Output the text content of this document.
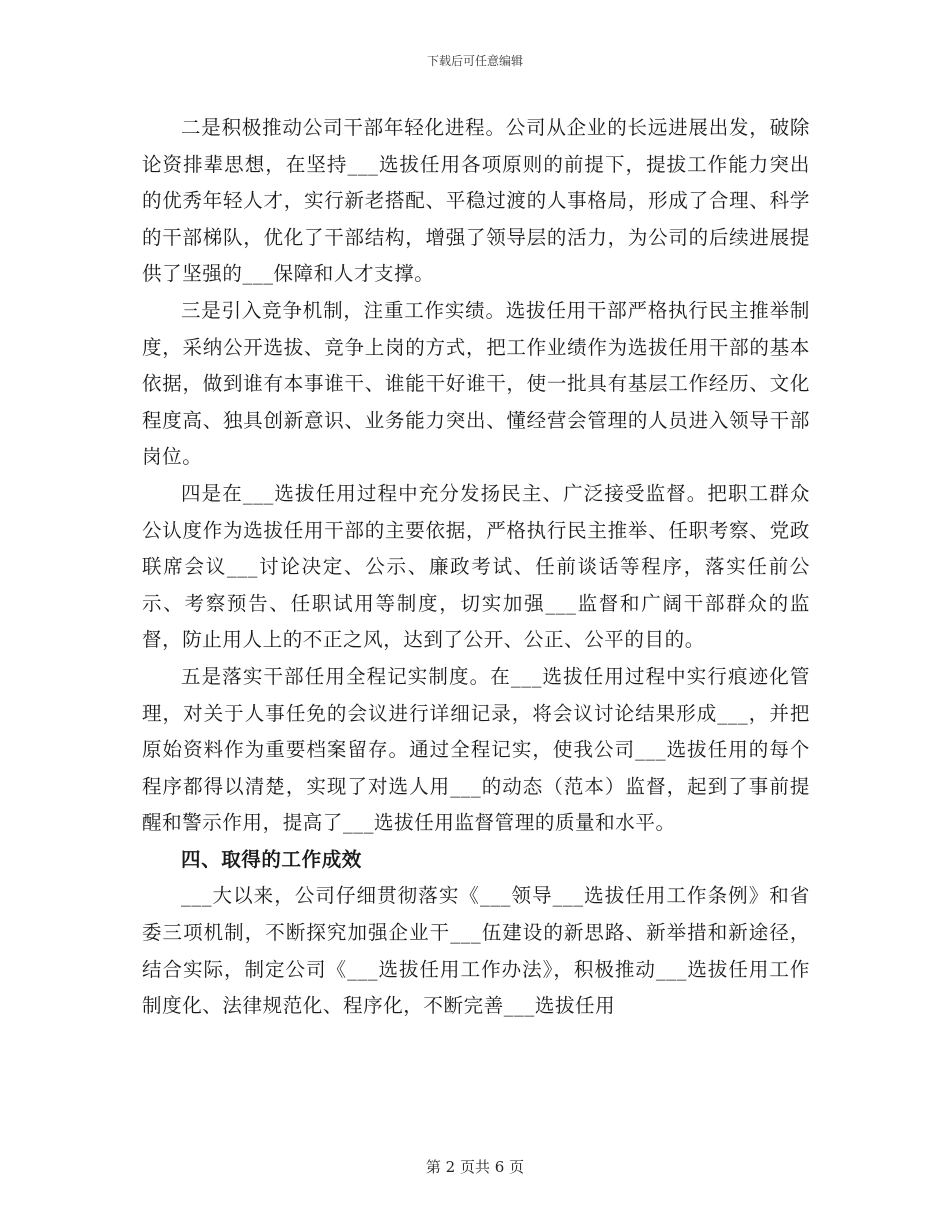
下载后可任意编辑

二是积极推动公司干部年轻化进程。公司从企业的长远进展出发，破除论资排辈思想，在坚持___选拔任用各项原则的前提下，提拔工作能力突出的优秀年轻人才，实行新老搭配、平稳过渡的人事格局，形成了合理、科学的干部梯队，优化了干部结构，增强了领导层的活力，为公司的后续进展提供了坚强的___保障和人才支撑。

三是引入竞争机制，注重工作实绩。选拔任用干部严格执行民主推举制度，采纳公开选拔、竞争上岗的方式，把工作业绩作为选拔任用干部的基本依据，做到谁有本事谁干、谁能干好谁干，使一批具有基层工作经历、文化程度高、独具创新意识、业务能力突出、懂经营会管理的人员进入领导干部岗位。

四是在___选拔任用过程中充分发扬民主、广泛接受监督。把职工群众公认度作为选拔任用干部的主要依据，严格执行民主推举、任职考察、党政联席会议___讨论决定、公示、廉政考试、任前谈话等程序，落实任前公示、考察预告、任职试用等制度，切实加强___监督和广阔干部群众的监督，防止用人上的不正之风，达到了公开、公正、公平的目的。

五是落实干部任用全程记实制度。在___选拔任用过程中实行痕迹化管理，对关于人事任免的会议进行详细记录，将会议讨论结果形成___，并把原始资料作为重要档案留存。通过全程记实，使我公司___选拔任用的每个程序都得以清楚，实现了对选人用___的动态（范本）监督，起到了事前提醒和警示作用，提高了___选拔任用监督管理的质量和水平。

四、取得的工作成效

___大以来，公司仔细贯彻落实《___领导___选拔任用工作条例》和省委三项机制，不断探究加强企业干___伍建设的新思路、新举措和新途径，结合实际，制定公司《___选拔任用工作办法》，积极推动___选拔任用工作制度化、法律规范化、程序化，不断完善___选拔任用

第 2 页共 6 页
